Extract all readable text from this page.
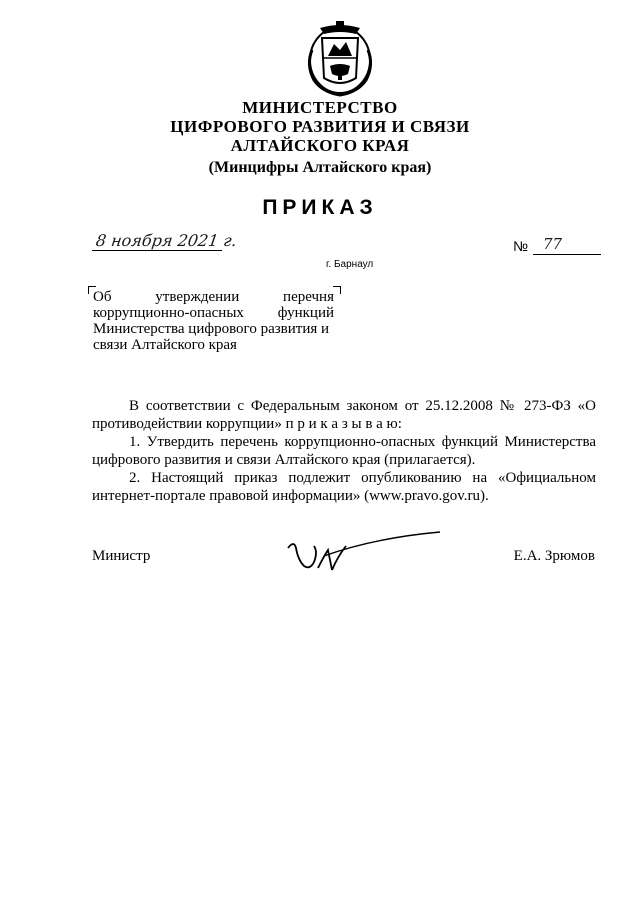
МИНИСТЕРСТВО
ЦИФРОВОГО РАЗВИТИЯ И СВЯЗИ
АЛТАЙСКОГО КРАЯ
(Минцифры Алтайского края)
ПРИКАЗ
8 ноября 2021 г.	№ 77
г. Барнаул
Об утверждении перечня
коррупционно-опасных функций
Министерства цифрового развития и
связи Алтайского края

В соответствии с Федеральным законом от 25.12.2008 № 273-ФЗ «О противодействии коррупции» п р и к а з ы в а ю:

1. Утвердить перечень коррупционно-опасных функций Министерства цифрового развития и связи Алтайского края (прилагается).

2. Настоящий приказ подлежит опубликованию на «Официальном интернет-портале правовой информации» (www.pravo.gov.ru).

Министр	Е.А. Зрюмов
